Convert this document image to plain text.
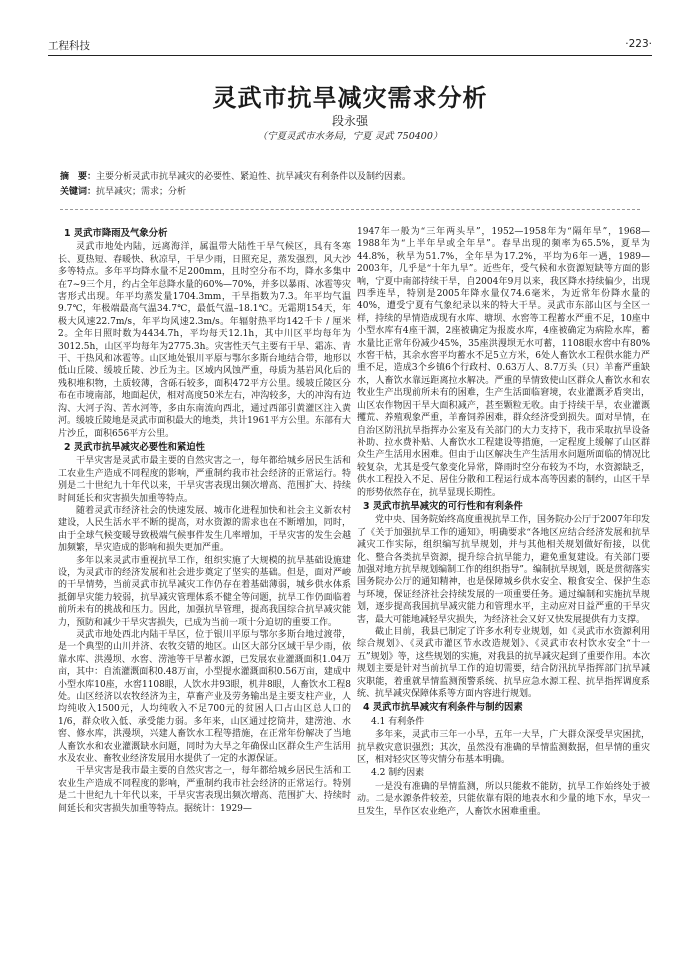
工程科技	·223·
灵武市抗旱减灾需求分析
段永强
（宁夏灵武市水务局，宁夏 灵武 750400）
摘　要：主要分析灵武市抗旱减灾的必要性、紧迫性、抗旱减灾有利条件以及制约因素。
关键词：抗旱减灾；需求；分析
1 灵武市降雨及气象分析

灵武市地处内陆，远离海洋，属温带大陆性干旱气候区，具有冬寒长、夏热短、春暖快、秋凉早，干旱少雨，日照充足，蒸发强烈，风大沙多等特点。多年平均降水量不足200mm，且时空分布不均，降水多集中在7~9三个月，约占全年总降水量的60%—70%，并多以暴雨、冰雹等灾害形式出现。年平均蒸发量1704.3mm，干旱指数为7.3。年平均气温9.7℃，年极端最高气温34.7℃，最低气温–18.1℃。无霜期154天，年极大风速22.7m/s，年平均风速2.3m/s。年辐射热平均142千卡 / 厘米 2。全年日照时数为4434.7h，平均每天12.1h，其中川区平均每年为3012.5h，山区平均每年为2775.3h。灾害性天气主要有干旱、霜冻、青干、干热风和冰雹等。山区地处银川平原与鄂尔多斯台地结合带，地形以低山丘陵、缓坡丘陵、沙丘为主。区域内风蚀严重，母质为基岩风化后的残积堆积物，土质较薄，含砾石较多，面积472平方公里。缓坡丘陵区分布在市境南部，地面起伏，相对高度50米左右，冲沟较多，大的冲沟有边沟、大河子沟、苦水河等，多由东南流向西北，通过西部引黄灌区注入黄河。缓坡丘陵地是灵武市面积最大的地类，共计1961平方公里。东部有大片沙丘，面积656平方公里。

2 灵武市抗旱减灾必要性和紧迫性

干旱灾害是灵武市最主要的自然灾害之一，每年都给城乡居民生活和工农业生产造成不同程度的影响，严重制约我市社会经济的正常运行。特别是二十世纪九十年代以来，干旱灾害表现出频次增高、范围扩大、持续时间延长和灾害损失加重等特点。

随着灵武市经济社会的快速发展、城市化进程加快和社会主义新农村建设，人民生活水平不断的提高，对水资源的需求也在不断增加，同时，由于全球气候变暖导致极端气候事件发生几率增加，干旱灾害的发生会越加频繁，旱灾造成的影响和损失更加严重。

多年以来灵武市重视抗旱工作，组织实施了大规模的抗旱基础设施建设，为灵武市的经济发展和社会进步奠定了坚实的基础。但是，面对严峻的干旱情势，当前灵武市抗旱减灾工作仍存在着基础薄弱，城乡供水体系抵御旱灾能力较弱，抗旱减灾管理体系不健全等问题，抗旱工作仍面临着前所未有的挑战和压力。因此，加强抗旱管理，提高我国综合抗旱减灾能力，预防和减少干旱灾害损失，已成为当前一项十分迫切的重要工作。

灵武市地处西北内陆干旱区，位于银川平原与鄂尔多斯台地过渡带，是一个典型的山川并济、农牧交错的地区。山区大部分区域干旱少雨，依靠水库、洪漫坝、水窖、涝池等干旱蓄水源，已发展农业灌溉面积1.04万亩，其中：自流灌溉面积0.48万亩，小型提水灌溉面积0.56万亩，建成中小型水库10座，水窖1108眼，人饮水井93眼，机井8眼，人畜饮水工程8处。山区经济以农牧经济为主，草畜产业及劳务输出是主要支柱产业，人均纯收入1500元，人均纯收入不足700元的贫困人口占山区总人口的1/6，群众收入低、承受能力弱。多年来，山区通过挖筒井，建涝池、水窖、修水库，洪漫坝，兴建人畜饮水工程等措施，在正常年份解决了当地人畜饮水和农业灌溉缺水问题，同时为大旱之年确保山区群众生产生活用水及农业、畜牧业经济发展用水提供了一定的水源保证。

干旱灾害是我市最主要的自然灾害之一，每年都给城乡居民生活和工农业生产造成不同程度的影响，严重制约我市社会经济的正常运行。特别是二十世纪九十年代以来，干旱灾害表现出频次增高、范围扩大、持续时间延长和灾害损失加重等特点。据统计：1929—

1947年一般为“三年两头旱”，1952—1958年为“隔年旱”，1968—1988年为“上半年旱或全年旱”。春旱出现的频率为65.5%，夏旱为44.8%，秋旱为51.7%，全年旱为17.2%，平均为6年一遇，1989—2003年，几乎是“十年九旱”。近些年，受气候和水资源短缺等方面的影响，宁夏中南部持续干旱，自2004年9月以来，我区降水持续偏少，出现四季连旱，特别是2005年降水量仅74.6毫米，为近常年份降水量的40%，遭受宁夏有气象纪录以来的特大干旱。灵武市东部山区与全区一样，持续的旱情造成现有水库、塘坝、水窖等工程蓄水严重不足，10座中小型水库有4座干涸，2座被确定为报废水库，4座被确定为病险水库，蓄水量比正常年份减少45%，35座洪漫坝无水可蓄，1108眼水窖中有80%水窖干枯，其余水窖平均蓄水不足5立方米，6处人畜饮水工程供水能力严重不足，造成3个乡镇6个行政村、0.63万人、8.7万头（只）羊畜严重缺水，人畜饮水靠远距离拉水解决。严重的旱情致使山区群众人畜饮水和农牧业生产出现前所未有的困难，生产生活面临窘境，农业灌溉矛盾突出，山区农作物因干旱大面积减产，甚至颗粒无收。由于持续干旱，农业灌溉攫荒、养殖观象严重，羊畜饲养困难，群众经济受到损失。面对旱情，在自治区防汛抗旱指挥办公室及有关部门的大力支持下，我市采取抗旱设备补助、拉水费补贴、人畜饮水工程建设等措施，一定程度上缓解了山区群众生产生活用水困难。但由于山区解决生产生活用水问题所面临的情况比较复杂，尤其是受气象变化异常，降雨时空分布较为不均，水资源缺乏，供水工程投入不足、居住分散和工程运行成本高等因素的制约，山区干旱的形势依然存在，抗旱显现长期性。

3 灵武市抗旱减灾的可行性和有利条件

党中央、国务院始终高度重视抗旱工作，国务院办公厅于2007年印发了《关于加强抗旱工作的通知》，明确要求“各地区应结合经济发展和抗旱减灾工作实际，组织编写抗旱规划，并与其他相关规划做好衔接，以优化、整合各类抗旱资源，提升综合抗旱能力，避免重复建设。有关部门要加强对地方抗旱规划编制工作的组织指导”。编制抗旱规划，既是贯彻落实国务院办公厅的通知精神，也是保障城乡供水安全、粮食安全、保护生态与环境，保证经济社会持续发展的一项重要任务。通过编制和实施抗旱规划，逐步提高我国抗旱减灾能力和管理水平，主动应对日益严重的干旱灾害，最大可能地减轻旱灾损失，为经济社会又好又快发展提供有力支撑。

截止目前，我县已制定了许多水利专业规划，如《灵武市水资源利用综合规划》、《灵武市灌区节水改造规划》、《灵武市农村饮水安全“十一五”规划》等，这些规划的实施，对我县的抗旱减灾起到了重要作用。本次规划主要是针对当前抗旱工作的迫切需要，结合防汛抗旱指挥部门抗旱减灾职能，着重就旱情监测预警系统、抗旱应急水源工程、抗旱指挥调度系统、抗旱减灾保障体系等方面内容进行规划。

4 灵武市抗旱减灾有利条件与制约因素
4.1 有利条件

多年来，灵武市三年一小旱，五年一大旱，广大群众深受旱灾困扰，抗旱救灾意识强烈；其次，虽然没有准确的旱情监测数据，但旱情的重灾区，相对轻灾区等灾情分布基本明确。

4.2 制约因素

一是没有准确的旱情监测，所以只能救不能防，抗旱工作始终处于被动。二是水源条件较差，只能依靠有限的地表水和少量的地下水，旱灾一旦发生，旱作区农业绝产，人畜饮水困难重重。
